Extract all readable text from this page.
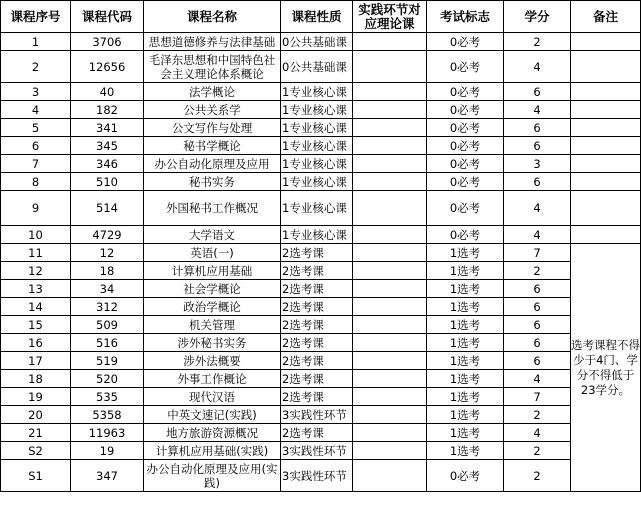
课程序号	课程代码	课程名称	课程性质	实践环节对应理论课	考试标志	学分	备注
1	3706	思想道德修养与法律基础	0公共基础课		0必考	2	
2	12656	毛泽东思想和中国特色社会主义理论体系概论	0公共基础课		0必考	4	
3	40	法学概论	1专业核心课		0必考	6	
4	182	公共关系学	1专业核心课		0必考	4	
5	341	公文写作与处理	1专业核心课		0必考	6	
6	345	秘书学概论	1专业核心课		0必考	6	
7	346	办公自动化原理及应用	1专业核心课		0必考	3	
8	510	秘书实务	1专业核心课		0必考	6	
9	514	外国秘书工作概况	1专业核心课		0必考	4	
10	4729	大学语文	1专业核心课		0必考	4	
11	12	英语(一)	2选考课		1选考	7	选考课程不得少于4门、学分不得低于23学分。
12	18	计算机应用基础	2选考课		1选考	2	
13	34	社会学概论	2选考课		1选考	6	
14	312	政治学概论	2选考课		1选考	6	
15	509	机关管理	2选考课		1选考	6	
16	516	涉外秘书实务	2选考课		1选考	6	
17	519	涉外法概要	2选考课		1选考	6	
18	520	外事工作概论	2选考课		1选考	4	
19	535	现代汉语	2选考课		1选考	7	
20	5358	中英文速记(实践)	3实践性环节		1选考	2	
21	11963	地方旅游资源概况	2选考课		1选考	4	
S2	19	计算机应用基础(实践)	3实践性环节		1选考	2	
S1	347	办公自动化原理及应用(实践)	3实践性环节		0必考	2	
